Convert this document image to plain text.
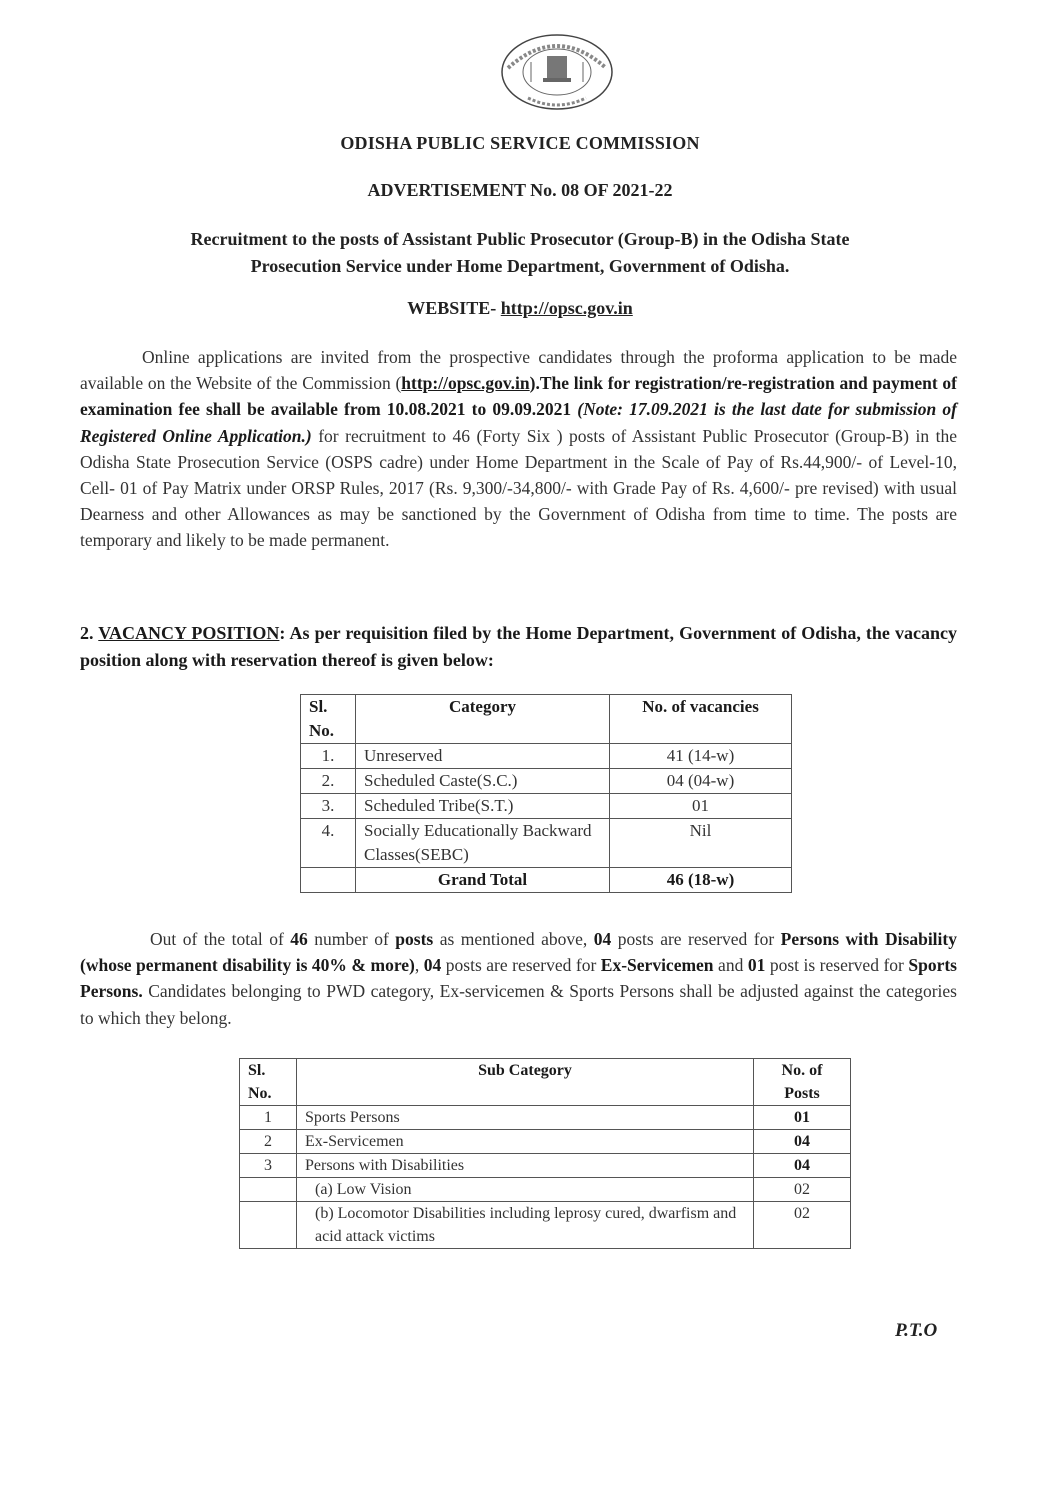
ODISHA PUBLIC SERVICE COMMISSION
ADVERTISEMENT No. 08 OF 2021-22
Recruitment to the posts of Assistant Public Prosecutor (Group-B) in the Odisha State
Prosecution Service under Home Department, Government of Odisha.
WEBSITE- http://opsc.gov.in
Online applications are invited from the prospective candidates through the proforma application to be made available on the Website of the Commission (http://opsc.gov.in).The link for registration/re-registration and payment of examination fee shall be available from 10.08.2021 to 09.09.2021 (Note: 17.09.2021 is the last date for submission of Registered Online Application.) for recruitment to 46 (Forty Six ) posts of Assistant Public Prosecutor (Group-B) in the Odisha State Prosecution Service (OSPS cadre) under Home Department in the Scale of Pay of Rs.44,900/- of Level-10, Cell- 01 of Pay Matrix under ORSP Rules, 2017 (Rs. 9,300/-34,800/- with Grade Pay of Rs. 4,600/- pre revised) with usual Dearness and other Allowances as may be sanctioned by the Government of Odisha from time to time. The posts are temporary and likely to be made permanent.
2. VACANCY POSITION: As per requisition filed by the Home Department, Government of Odisha, the vacancy position along with reservation thereof is given below:
Sl. No.	Category	No. of vacancies
1.	Unreserved	41 (14-w)
2.	Scheduled Caste(S.C.)	04 (04-w)
3.	Scheduled Tribe(S.T.)	01
4.	Socially Educationally Backward Classes(SEBC)	Nil
	Grand Total	46 (18-w)
Out of the total of 46 number of posts as mentioned above, 04 posts are reserved for Persons with Disability (whose permanent disability is 40% & more), 04 posts are reserved for Ex-Servicemen and 01 post is reserved for Sports Persons. Candidates belonging to PWD category, Ex-servicemen & Sports Persons shall be adjusted against the categories to which they belong.
Sl. No.	Sub Category	No. of Posts
1	Sports Persons	01
2	Ex-Servicemen	04
3	Persons with Disabilities	04
	(a) Low Vision	02
	(b) Locomotor Disabilities including leprosy cured, dwarfism and acid attack victims	02
P.T.O
